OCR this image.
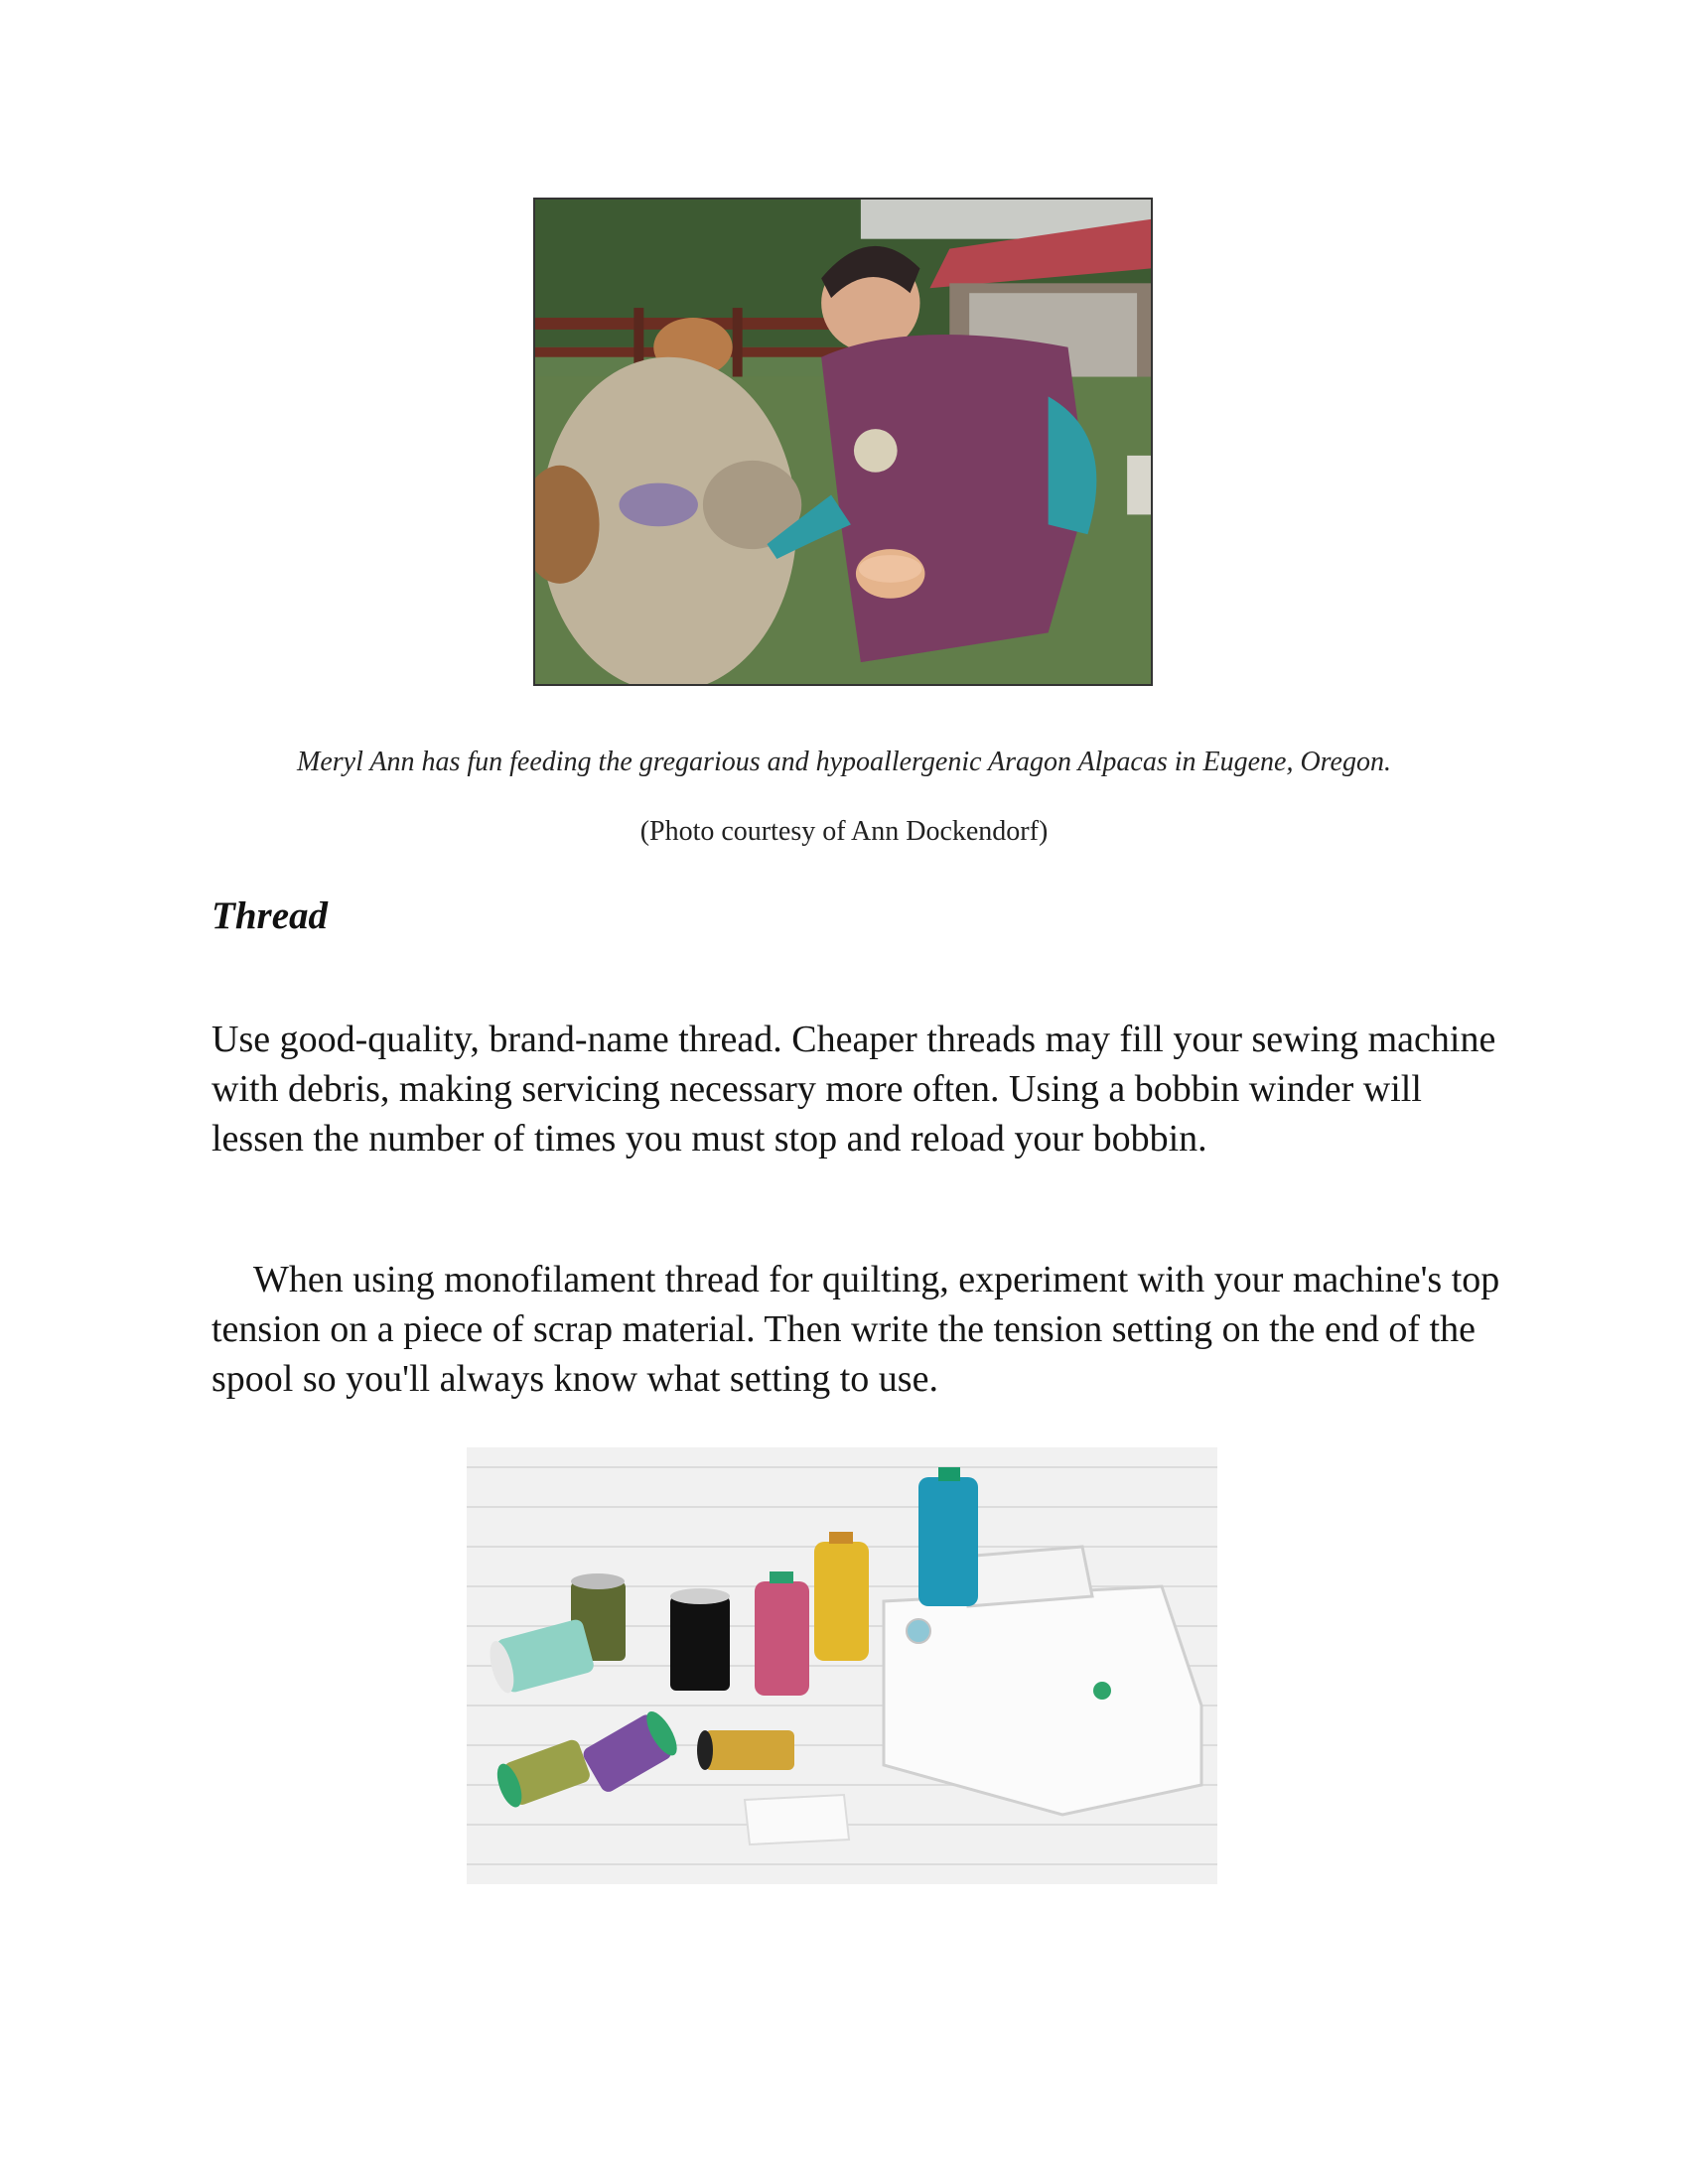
Meryl Ann has fun feeding the gregarious and hypoallergenic Aragon Alpacas in Eugene, Oregon.
(Photo courtesy of Ann Dockendorf)
Thread

Use good-quality, brand-name thread. Cheaper threads may fill your sewing machine with debris, making servicing necessary more often. Using a bobbin winder will lessen the number of times you must stop and reload your bobbin.

When using monofilament thread for quilting, experiment with your machine's top tension on a piece of scrap material. Then write the tension setting on the end of the spool so you'll always know what setting to use.
